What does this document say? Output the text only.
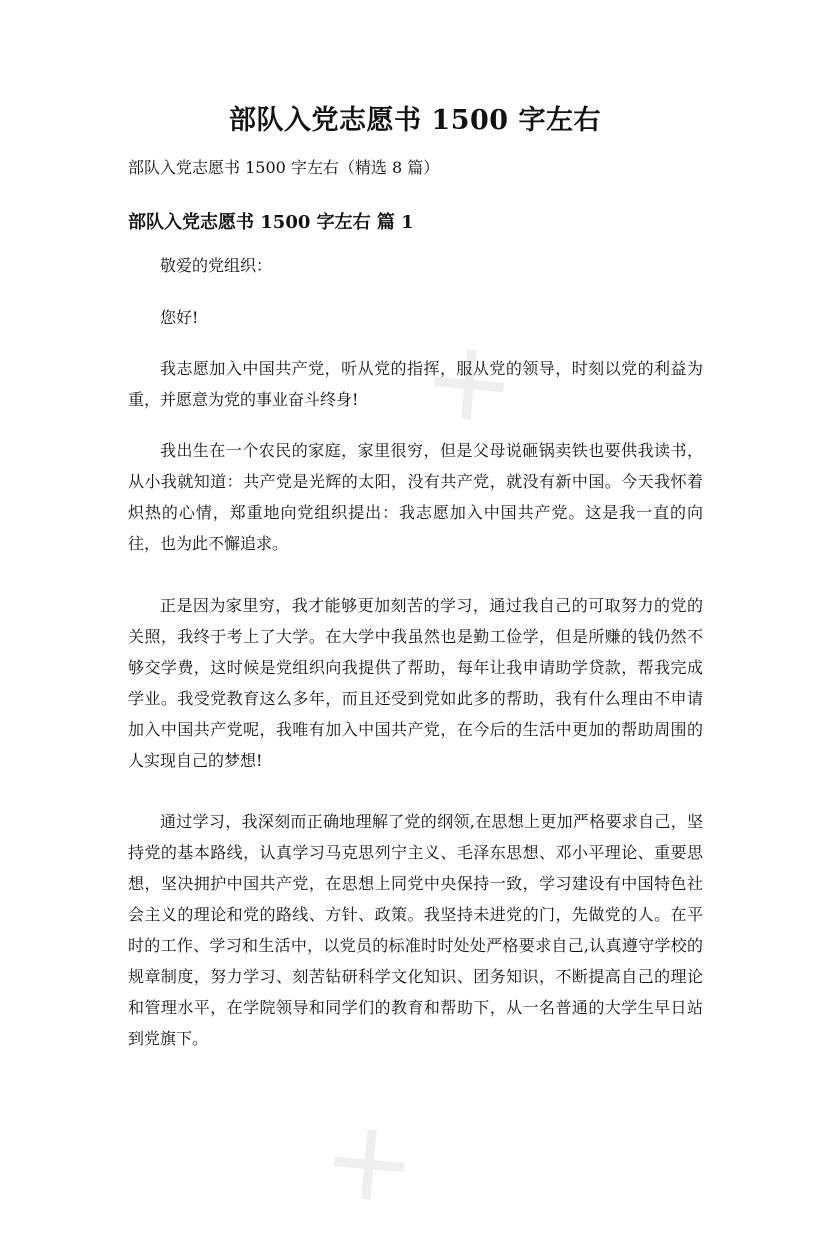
✕
✕
部队入党志愿书 1500 字左右

部队入党志愿书 1500 字左右（精选 8 篇）

部队入党志愿书 1500 字左右 篇 1

敬爱的党组织：

您好!

我志愿加入中国共产党，听从党的指挥，服从党的领导，时刻以党的利益为重，并愿意为党的事业奋斗终身!

我出生在一个农民的家庭，家里很穷，但是父母说砸锅卖铁也要供我读书，从小我就知道：共产党是光辉的太阳，没有共产党，就没有新中国。今天我怀着炽热的心情，郑重地向党组织提出：我志愿加入中国共产党。这是我一直的向往，也为此不懈追求。

正是因为家里穷，我才能够更加刻苦的学习，通过我自己的可取努力的党的关照，我终于考上了大学。在大学中我虽然也是勤工俭学，但是所赚的钱仍然不够交学费，这时候是党组织向我提供了帮助，每年让我申请助学贷款，帮我完成学业。我受党教育这么多年，而且还受到党如此多的帮助，我有什么理由不申请加入中国共产党呢，我唯有加入中国共产党，在今后的生活中更加的帮助周围的人实现自己的梦想!

通过学习，我深刻而正确地理解了党的纲领,在思想上更加严格要求自己，坚持党的基本路线，认真学习马克思列宁主义、毛泽东思想、邓小平理论、重要思想，坚决拥护中国共产党，在思想上同党中央保持一致，学习建设有中国特色社会主义的理论和党的路线、方针、政策。我坚持未进党的门，先做党的人。在平时的工作、学习和生活中，以党员的标准时时处处严格要求自己,认真遵守学校的规章制度，努力学习、刻苦钻研科学文化知识、团务知识，不断提高自己的理论和管理水平，在学院领导和同学们的教育和帮助下，从一名普通的大学生早日站到党旗下。
